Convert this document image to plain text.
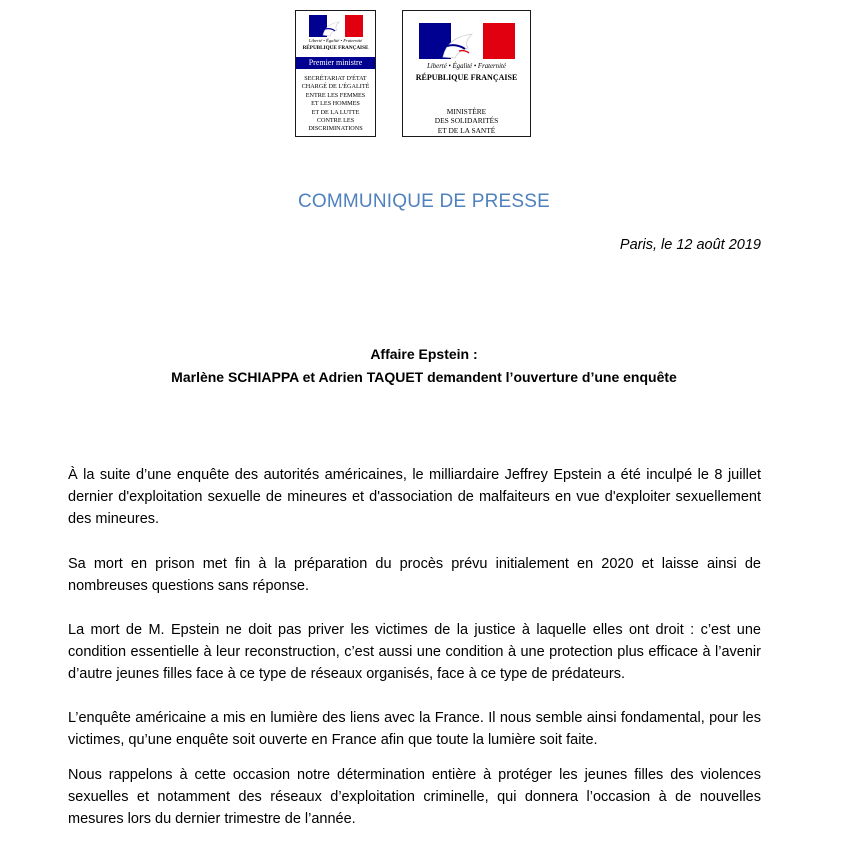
Liberté • Égalité • Fraternité
RÉPUBLIQUE FRANÇAISE
Premier ministre
SECRÉTARIAT D'ÉTAT
CHARGÉ DE L'ÉGALITÉ
ENTRE LES FEMMES
ET LES HOMMES
ET DE LA LUTTE
CONTRE LES
DISCRIMINATIONS
Liberté • Égalité • Fraternité
RÉPUBLIQUE FRANÇAISE
MINISTÈRE
DES SOLIDARITÉS
ET DE LA SANTÉ
COMMUNIQUE DE PRESSE
Paris, le 12 août 2019
Affaire Epstein :
Marlène SCHIAPPA et Adrien TAQUET demandent l’ouverture d’une enquête
À la suite d’une enquête des autorités américaines, le milliardaire Jeffrey Epstein a été inculpé le 8 juillet dernier d'exploitation sexuelle de mineures et d'association de malfaiteurs en vue d'exploiter sexuellement des mineures.
Sa mort en prison met fin à la préparation du procès prévu initialement en 2020 et laisse ainsi de nombreuses questions sans réponse.
La mort de M. Epstein ne doit pas priver les victimes de la justice à laquelle elles ont droit : c’est une condition essentielle à leur reconstruction, c’est aussi une condition à une protection plus efficace à l’avenir d’autre jeunes filles face à ce type de réseaux organisés, face à ce type de prédateurs.
L’enquête américaine a mis en lumière des liens avec la France. Il nous semble ainsi fondamental, pour les victimes, qu’une enquête soit ouverte en France afin que toute la lumière soit faite.
Nous rappelons à cette occasion notre détermination entière à protéger les jeunes filles des violences sexuelles et notamment des réseaux d’exploitation criminelle, qui donnera l’occasion à de nouvelles mesures lors du dernier trimestre de l’année.
